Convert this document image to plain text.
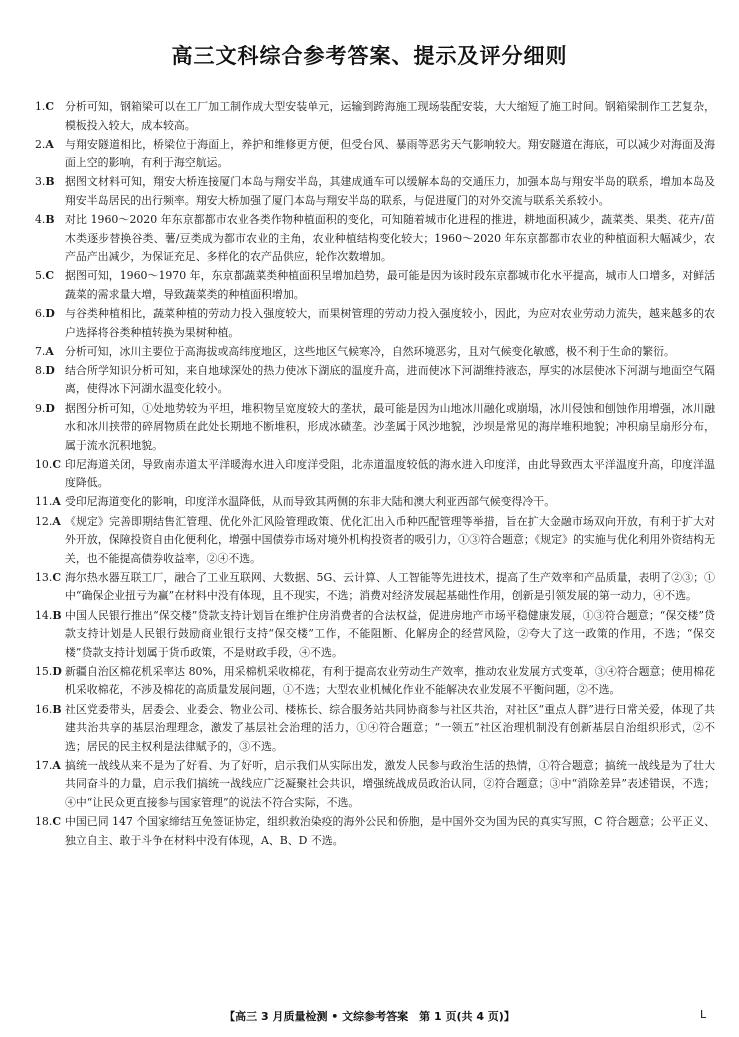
高三文科综合参考答案、提示及评分细则
1.C 分析可知，钢箱梁可以在工厂加工制作成大型安装单元，运输到跨海施工现场装配安装，大大缩短了施工时间。钢箱梁制作工艺复杂，模板投入较大，成本较高。
2.A 与翔安隧道相比，桥梁位于海面上，养护和维修更方便，但受台风、暴雨等恶劣天气影响较大。翔安隧道在海底，可以减少对海面及海面上空的影响，有利于海空航运。
3.B 据图文材料可知，翔安大桥连接厦门本岛与翔安半岛，其建成通车可以缓解本岛的交通压力，加强本岛与翔安半岛的联系，增加本岛及翔安半岛居民的出行频率。翔安大桥加强了厦门本岛与翔安半岛的联系，与促进厦门的对外交流与联系关系较小。
4.B 对比 1960～2020 年东京都都市农业各类作物种植面积的变化，可知随着城市化进程的推进，耕地面积减少，蔬菜类、果类、花卉/苗木类逐步替换谷类、薯/豆类成为都市农业的主角，农业种植结构变化较大；1960～2020 年东京都都市农业的种植面积大幅减少，农产品产出减少，为保证充足、多样化的农产品供应，轮作次数增加。
5.C 据图可知，1960～1970 年，东京都蔬菜类种植面积呈增加趋势，最可能是因为该时段东京都城市化水平提高，城市人口增多，对鲜活蔬菜的需求量大增，导致蔬菜类的种植面积增加。
6.D 与谷类种植相比，蔬菜种植的劳动力投入强度较大，而果树管理的劳动力投入强度较小，因此，为应对农业劳动力流失，越来越多的农户选择将谷类种植转换为果树种植。
7.A 分析可知，冰川主要位于高海拔或高纬度地区，这些地区气候寒冷，自然环境恶劣，且对气候变化敏感，极不利于生命的繁衍。
8.D 结合所学知识分析可知，来自地球深处的热力使冰下湖底的温度升高，进而使冰下河湖维持液态，厚实的冰层使冰下河湖与地面空气隔离，使得冰下河湖水温变化较小。
9.D 据图分析可知，①处地势较为平坦，堆积物呈宽度较大的垄状，最可能是因为山地冰川融化或崩塌，冰川侵蚀和刨蚀作用增强，冰川融水和冰川挟带的碎屑物质在此处长期地不断堆积，形成冰碛垄。沙垄属于风沙地貌，沙坝是常见的海岸堆积地貌；冲积扇呈扇形分布，属于流水沉积地貌。
10.C 印尼海道关闭，导致南赤道太平洋暖海水进入印度洋受阻，北赤道温度较低的海水进入印度洋，由此导致西太平洋温度升高，印度洋温度降低。
11.A 受印尼海道变化的影响，印度洋水温降低，从而导致其两侧的东非大陆和澳大利亚西部气候变得冷干。
12.A 《规定》完善即期结售汇管理、优化外汇风险管理政策、优化汇出入币种匹配管理等举措，旨在扩大金融市场双向开放，有利于扩大对外开放，保障投资自由化便利化，增强中国债券市场对境外机构投资者的吸引力，①③符合题意；《规定》的实施与优化利用外资结构无关，也不能提高债券收益率，②④不选。
13.C 海尔热水器互联工厂，融合了工业互联网、大数据、5G、云计算、人工智能等先进技术，提高了生产效率和产品质量，表明了②③；①中“确保企业扭亏为赢”在材料中没有体现，且不现实，不选；消费对经济发展起基础性作用，创新是引领发展的第一动力，④不选。
14.B 中国人民银行推出“保交楼”贷款支持计划旨在维护住房消费者的合法权益，促进房地产市场平稳健康发展，①③符合题意；“保交楼”贷款支持计划是人民银行鼓励商业银行支持“保交楼”工作，不能阻断、化解房企的经营风险，②夸大了这一政策的作用，不选；“保交楼”贷款支持计划属于货币政策，不是财政手段，④不选。
15.D 新疆自治区棉花机采率达 80%，用采棉机采收棉花，有利于提高农业劳动生产效率，推动农业发展方式变革，③④符合题意；使用棉花机采收棉花，不涉及棉花的高质量发展问题，①不选；大型农业机械化作业不能解决农业发展不平衡问题，②不选。
16.B 社区党委带头，居委会、业委会、物业公司、楼栋长、综合服务站共同协商参与社区共治，对社区“重点人群”进行日常关爱，体现了共建共治共享的基层治理理念，激发了基层社会治理的活力，①④符合题意；“一领五”社区治理机制没有创新基层自治组织形式，②不选；居民的民主权利是法律赋予的，③不选。
17.A 搞统一战线从来不是为了好看、为了好听，启示我们从实际出发，激发人民参与政治生活的热情，①符合题意；搞统一战线是为了壮大共同奋斗的力量，启示我们搞统一战线应广泛凝聚社会共识，增强统战成员政治认同，②符合题意；③中“消除差异”表述错误，不选；④中“让民众更直接参与国家管理”的说法不符合实际，不选。
18.C 中国已同 147 个国家缔结互免签证协定，组织救治染疫的海外公民和侨胞，是中国外交为国为民的真实写照，C 符合题意；公平正义、独立自主、敢于斗争在材料中没有体现，A、B、D 不选。
【高三 3 月质量检测 • 文综参考答案　第 1 页(共 4 页)】	L
